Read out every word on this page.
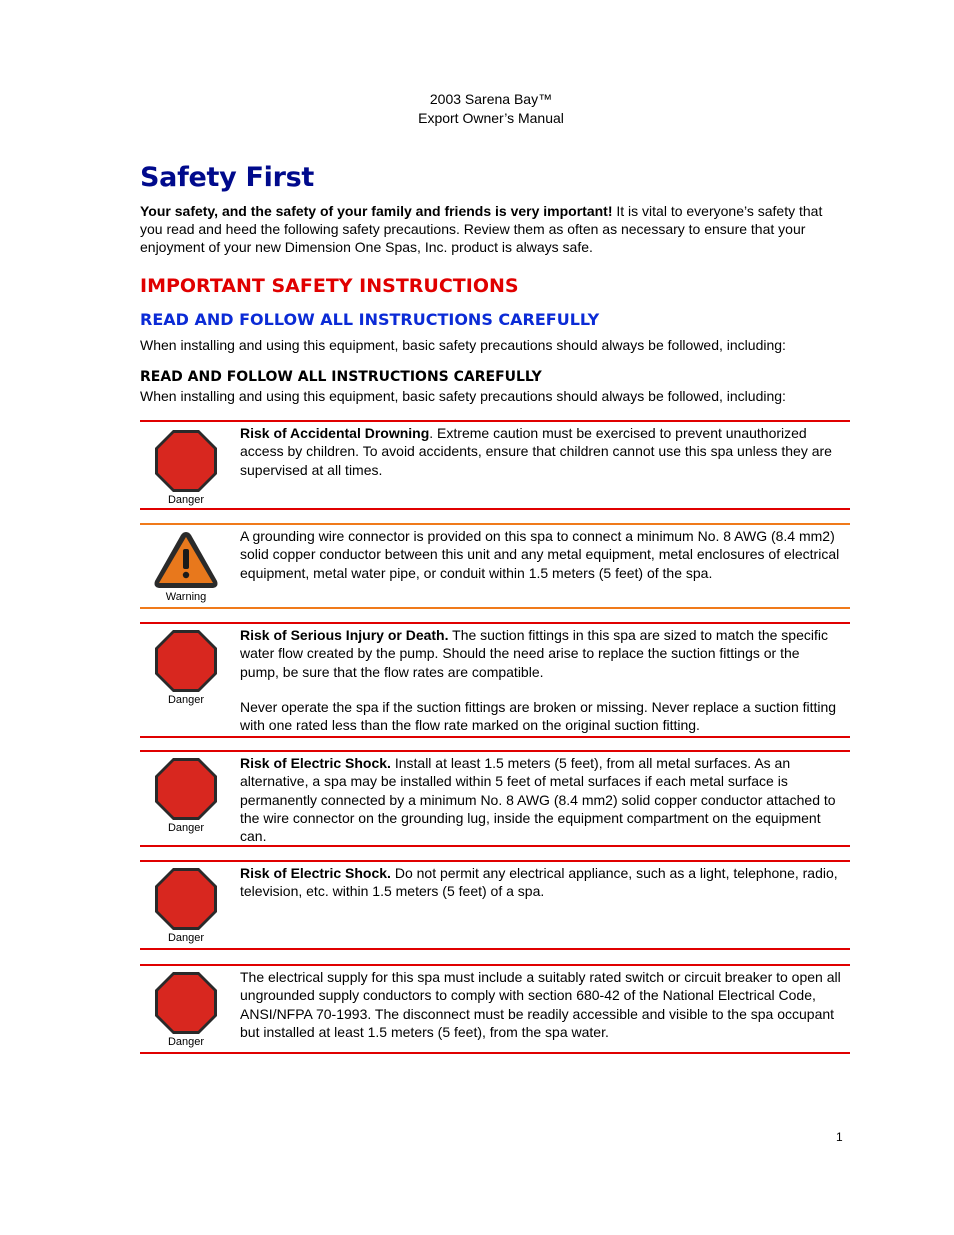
2003 Sarena Bay™
Export Owner’s Manual
Safety First
Your safety, and the safety of your family and friends is very important! It is vital to everyone’s safety that you read and heed the following safety precautions. Review them as often as necessary to ensure that your enjoyment of your new Dimension One Spas, Inc. product is always safe.
IMPORTANT SAFETY INSTRUCTIONS
READ AND FOLLOW ALL INSTRUCTIONS CAREFULLY
When installing and using this equipment, basic safety precautions should always be followed, including:
READ AND FOLLOW ALL INSTRUCTIONS CAREFULLY
When installing and using this equipment, basic safety precautions should always be followed, including:
Danger

Risk of Accidental Drowning. Extreme caution must be exercised to prevent unauthorized access by children. To avoid accidents, ensure that children cannot use this spa unless they are supervised at all times.

Warning

A grounding wire connector is provided on this spa to connect a minimum No. 8 AWG (8.4 mm2) solid copper conductor between this unit and any metal equipment, metal enclosures of electrical equipment, metal water pipe, or conduit within 1.5 meters (5 feet) of the spa.

Danger

Risk of Serious Injury or Death. The suction fittings in this spa are sized to match the specific water flow created by the pump. Should the need arise to replace the suction fittings or the pump, be sure that the flow rates are compatible.

Never operate the spa if the suction fittings are broken or missing. Never replace a suction fitting with one rated less than the flow rate marked on the original suction fitting.

Danger

Risk of Electric Shock. Install at least 1.5 meters (5 feet), from all metal surfaces. As an alternative, a spa may be installed within 5 feet of metal surfaces if each metal surface is permanently connected by a minimum No. 8 AWG (8.4 mm2) solid copper conductor attached to the wire connector on the grounding lug, inside the equipment compartment on the equipment can.

Danger

Risk of Electric Shock. Do not permit any electrical appliance, such as a light, telephone, radio, television, etc. within 1.5 meters (5 feet) of a spa.

Danger

The electrical supply for this spa must include a suitably rated switch or circuit breaker to open all ungrounded supply conductors to comply with section 680-42 of the National Electrical Code, ANSI/NFPA 70-1993. The disconnect must be readily accessible and visible to the spa occupant but installed at least 1.5 meters (5 feet), from the spa water.

1
